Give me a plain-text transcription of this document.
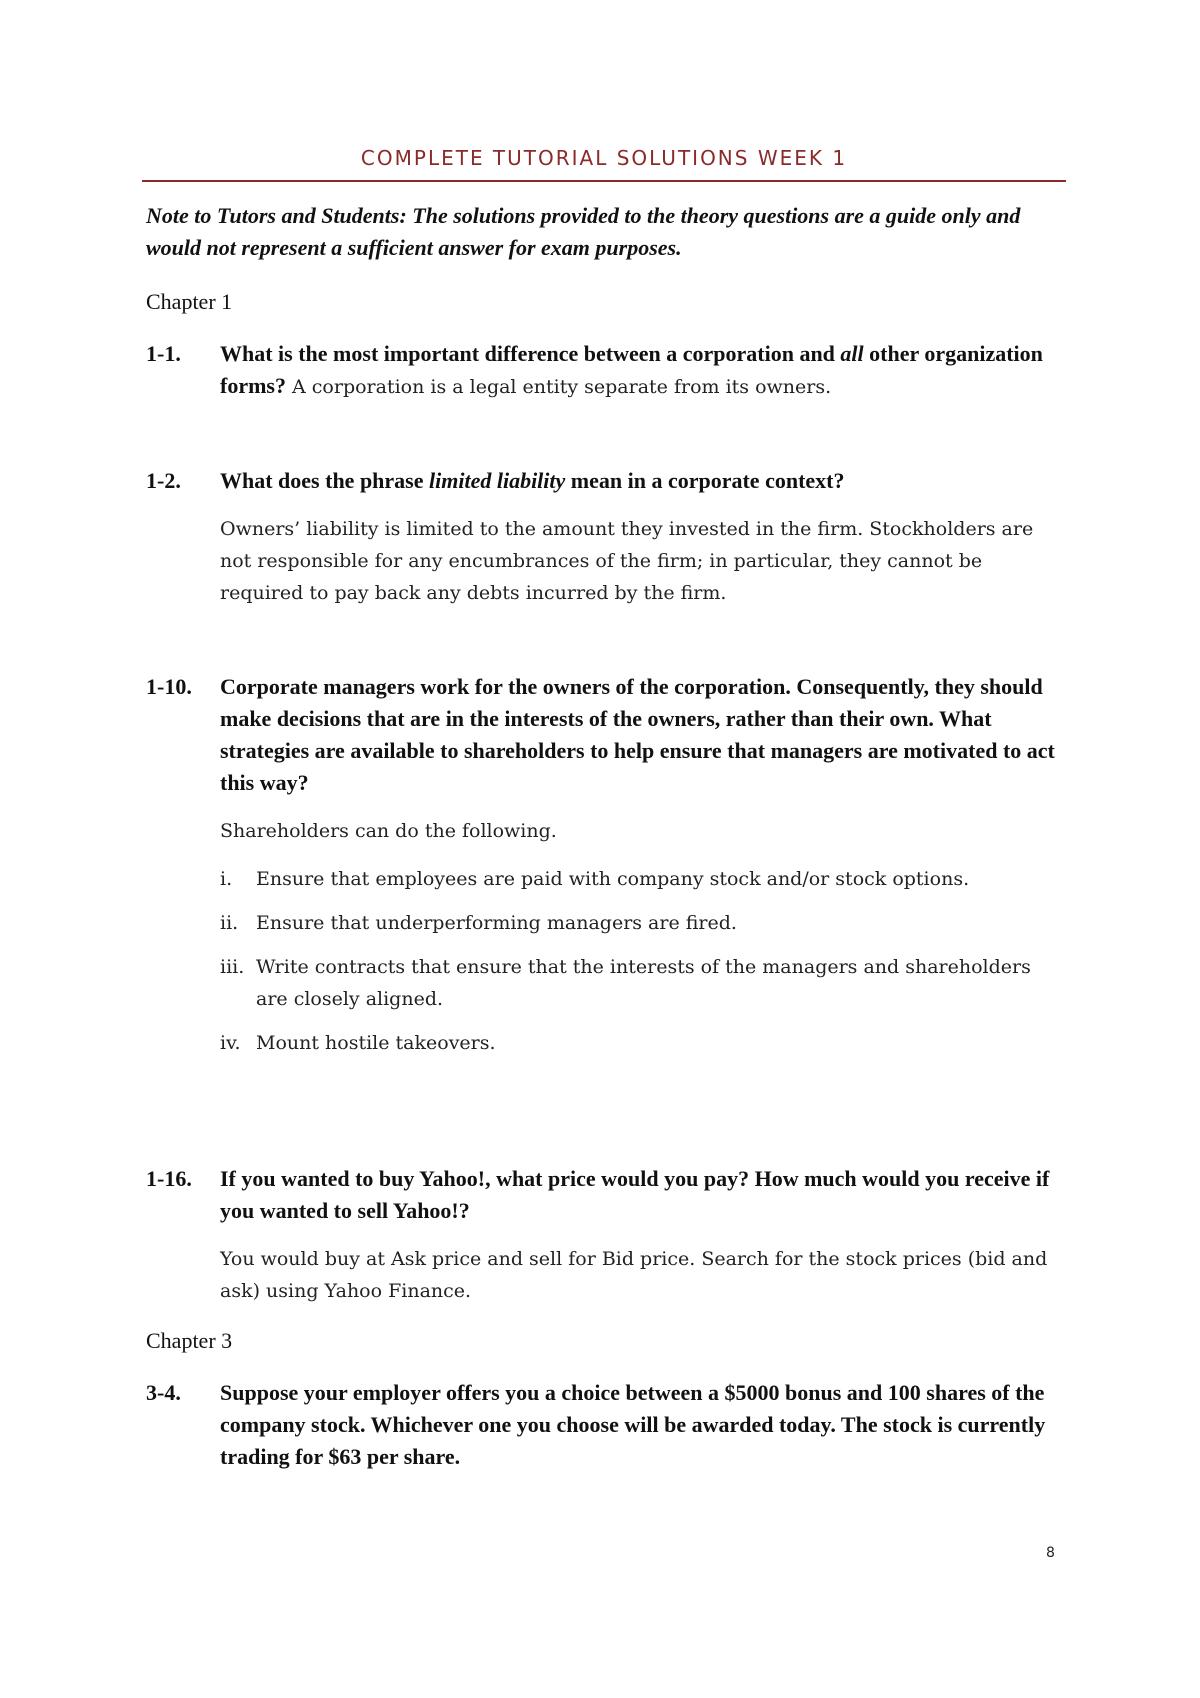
COMPLETE TUTORIAL SOLUTIONS WEEK 1

Note to Tutors and Students: The solutions provided to the theory questions are a guide only and would not represent a sufficient answer for exam purposes.

Chapter 1

1-1.	What is the most important difference between a corporation and all other organization forms? A corporation is a legal entity separate from its owners.
1-2.	What does the phrase limited liability mean in a corporate context?
Owners’ liability is limited to the amount they invested in the firm. Stockholders are not responsible for any encumbrances of the firm; in particular, they cannot be required to pay back any debts incurred by the firm.
1-10.	Corporate managers work for the owners of the corporation. Consequently, they should make decisions that are in the interests of the owners, rather than their own. What strategies are available to shareholders to help ensure that managers are motivated to act this way?
Shareholders can do the following.
i.	Ensure that employees are paid with company stock and/or stock options.
ii. Ensure that underperforming managers are fired.
iii. Write contracts that ensure that the interests of the managers and shareholders are closely aligned.
iv. Mount hostile takeovers.
1-16.	If you wanted to buy Yahoo!, what price would you pay? How much would you receive if you wanted to sell Yahoo!?
You would buy at Ask price and sell for Bid price. Search for the stock prices (bid and ask) using Yahoo Finance.

Chapter 3

3-4.	Suppose your employer offers you a choice between a $5000 bonus and 100 shares of the company stock. Whichever one you choose will be awarded today. The stock is currently trading for $63 per share.
8
